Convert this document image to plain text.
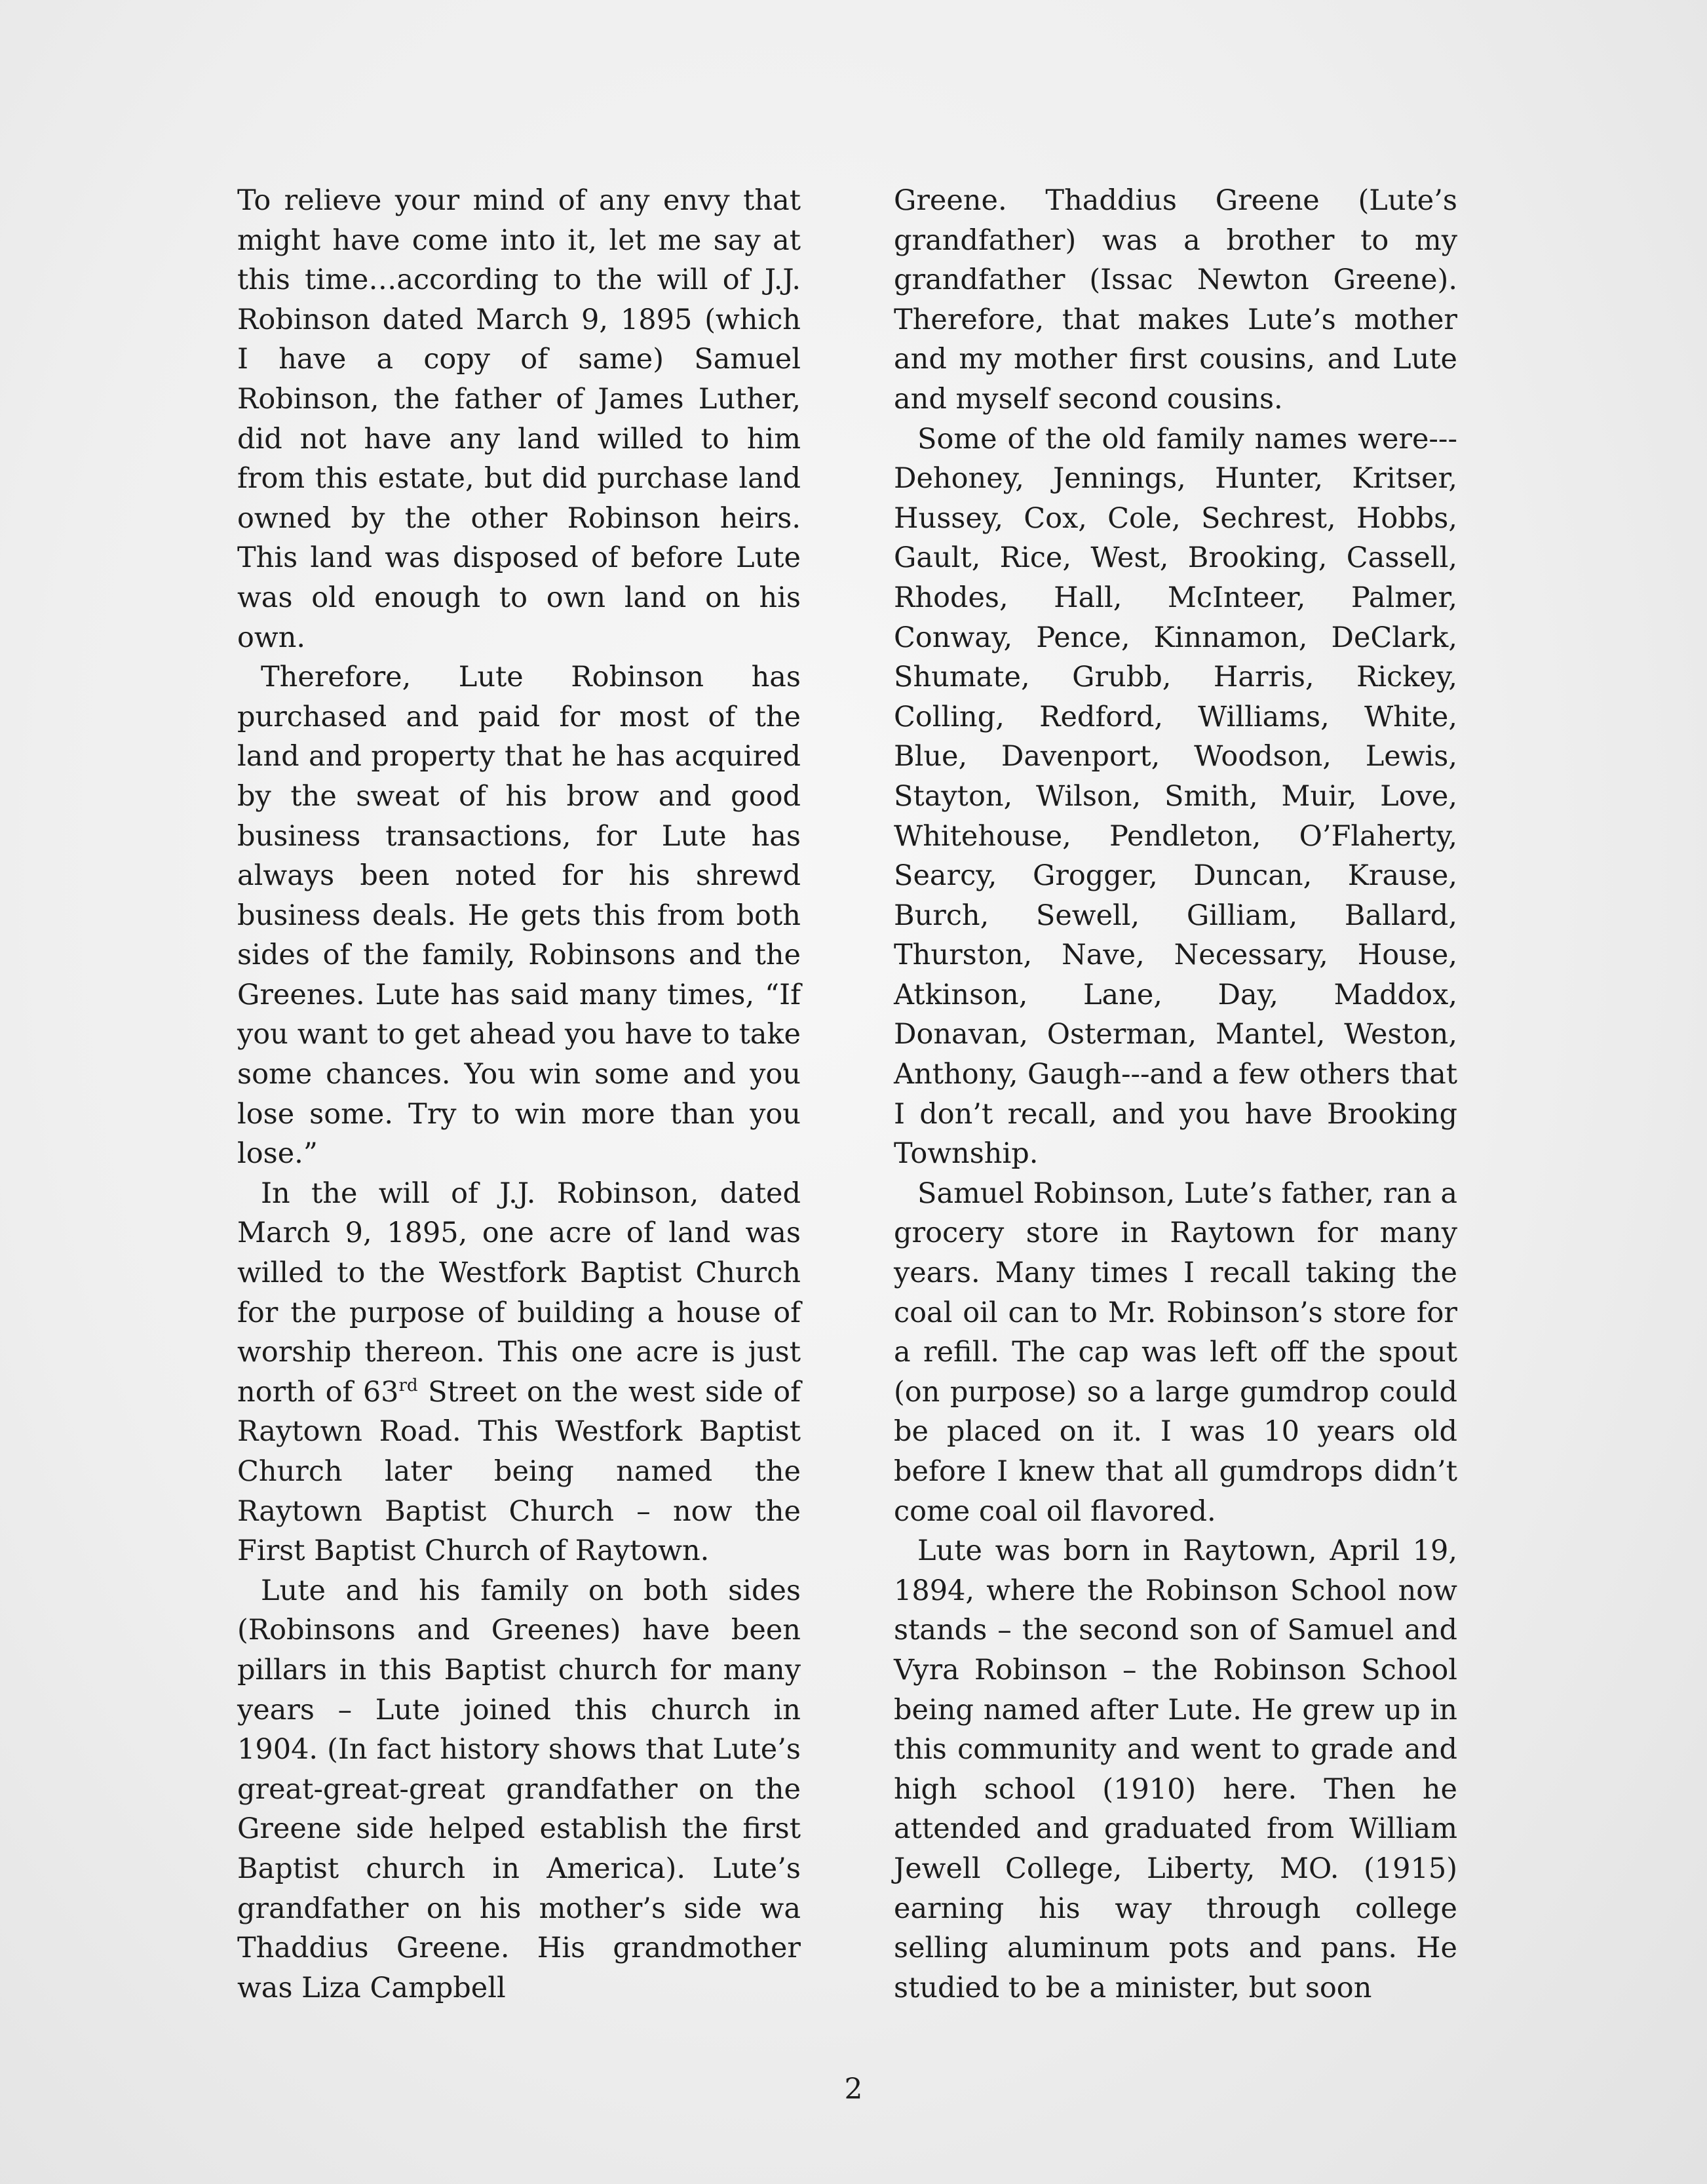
To relieve your mind of any envy that might have come into it, let me say at this time…according to the will of J.J. Robinson dated March 9, 1895 (which I have a copy of same) Samuel Robinson, the father of James Luther, did not have any land willed to him from this estate, but did purchase land owned by the other Robinson heirs. This land was disposed of before Lute was old enough to own land on his own.

Therefore, Lute Robinson has purchased and paid for most of the land and property that he has acquired by the sweat of his brow and good business transactions, for Lute has always been noted for his shrewd business deals. He gets this from both sides of the family, Robinsons and the Greenes. Lute has said many times, “If you want to get ahead you have to take some chances. You win some and you lose some. Try to win more than you lose.”

In the will of J.J. Robinson, dated March 9, 1895, one acre of land was willed to the Westfork Baptist Church for the purpose of building a house of worship thereon. This one acre is just north of 63rd Street on the west side of Raytown Road. This Westfork Baptist Church later being named the Raytown Baptist Church – now the First Baptist Church of Raytown.

Lute and his family on both sides (Robinsons and Greenes) have been pillars in this Baptist church for many years – Lute joined this church in 1904. (In fact history shows that Lute’s great-great-great grandfather on the Greene side helped establish the first Baptist church in America). Lute’s grandfather on his mother’s side wa Thaddius Greene. His grandmother was Liza Campbell

Greene. Thaddius Greene (Lute’s grandfather) was a brother to my grandfather (Issac Newton Greene). Therefore, that makes Lute’s mother and my mother first cousins, and Lute and myself second cousins.

Some of the old family names were---Dehoney, Jennings, Hunter, Kritser, Hussey, Cox, Cole, Sechrest, Hobbs, Gault, Rice, West, Brooking, Cassell, Rhodes, Hall, McInteer, Palmer, Conway, Pence, Kinnamon, DeClark, Shumate, Grubb, Harris, Rickey, Colling, Redford, Williams, White, Blue, Davenport, Woodson, Lewis, Stayton, Wilson, Smith, Muir, Love, Whitehouse, Pendleton, O’Flaherty, Searcy, Grogger, Duncan, Krause, Burch, Sewell, Gilliam, Ballard, Thurston, Nave, Necessary, House, Atkinson, Lane, Day, Maddox, Donavan, Osterman, Mantel, Weston, Anthony, Gaugh---and a few others that I don’t recall, and you have Brooking Township.

Samuel Robinson, Lute’s father, ran a grocery store in Raytown for many years. Many times I recall taking the coal oil can to Mr. Robinson’s store for a refill. The cap was left off the spout (on purpose) so a large gumdrop could be placed on it. I was 10 years old before I knew that all gumdrops didn’t come coal oil flavored.

Lute was born in Raytown, April 19, 1894, where the Robinson School now stands – the second son of Samuel and Vyra Robinson – the Robinson School being named after Lute. He grew up in this community and went to grade and high school (1910) here. Then he attended and graduated from William Jewell College, Liberty, MO. (1915) earning his way through college selling aluminum pots and pans. He studied to be a minister, but soon

2
